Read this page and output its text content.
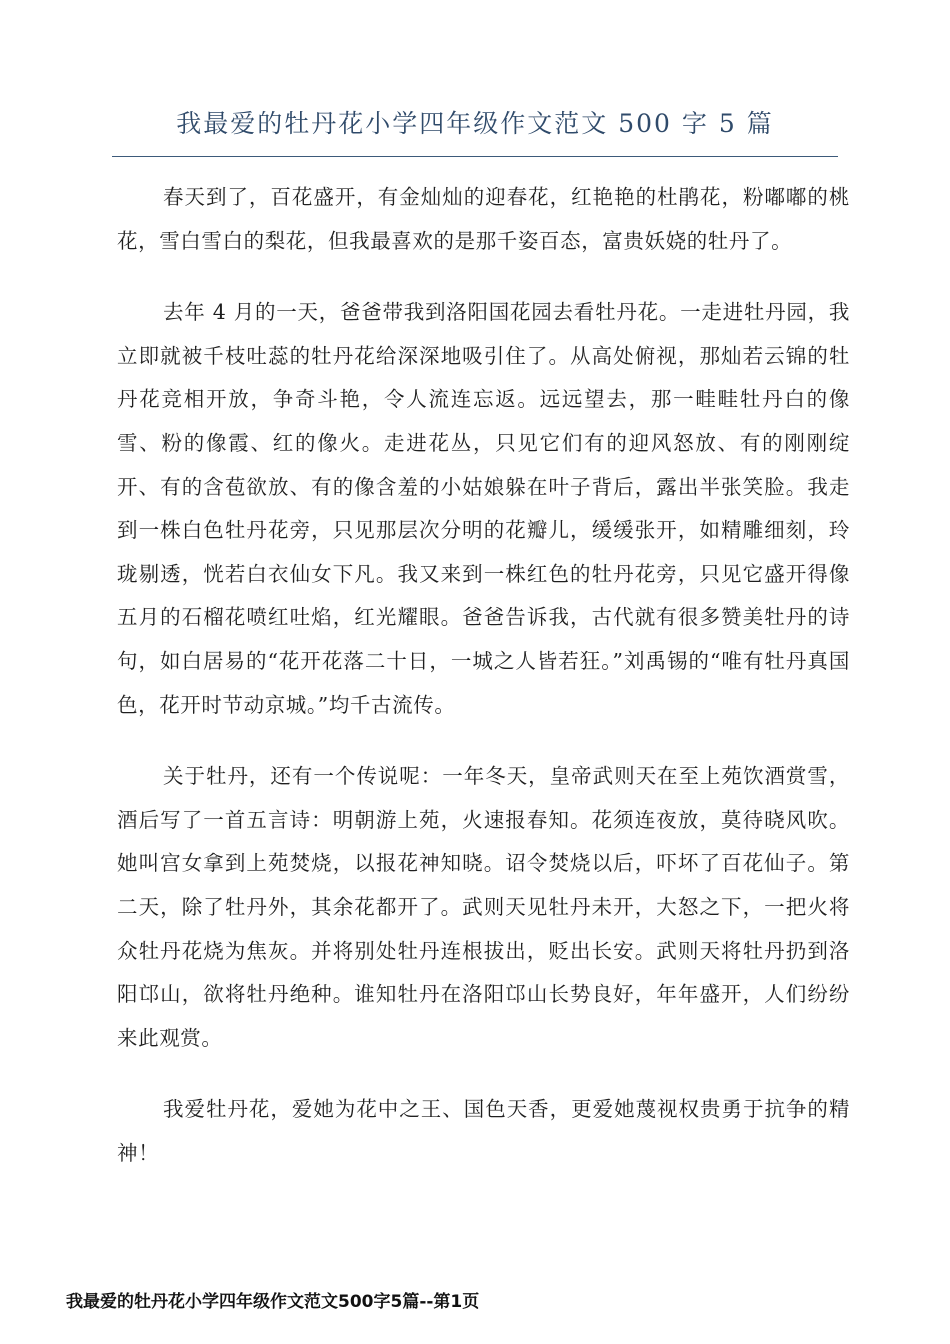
我最爱的牡丹花小学四年级作文范文 500 字 5 篇

春天到了，百花盛开，有金灿灿的迎春花，红艳艳的杜鹃花，粉嘟嘟的桃花，雪白雪白的梨花，但我最喜欢的是那千姿百态，富贵妖娆的牡丹了。

去年 4 月的一天，爸爸带我到洛阳国花园去看牡丹花。一走进牡丹园，我立即就被千枝吐蕊的牡丹花给深深地吸引住了。从高处俯视，那灿若云锦的牡丹花竞相开放，争奇斗艳，令人流连忘返。远远望去，那一畦畦牡丹白的像雪、粉的像霞、红的像火。走进花丛，只见它们有的迎风怒放、有的刚刚绽开、有的含苞欲放、有的像含羞的小姑娘躲在叶子背后，露出半张笑脸。我走到一株白色牡丹花旁，只见那层次分明的花瓣儿，缓缓张开，如精雕细刻，玲珑剔透，恍若白衣仙女下凡。我又来到一株红色的牡丹花旁，只见它盛开得像五月的石榴花喷红吐焰，红光耀眼。爸爸告诉我，古代就有很多赞美牡丹的诗句，如白居易的“花开花落二十日，一城之人皆若狂。”刘禹锡的“唯有牡丹真国色，花开时节动京城。”均千古流传。

关于牡丹，还有一个传说呢：一年冬天，皇帝武则天在至上苑饮酒赏雪，酒后写了一首五言诗：明朝游上苑，火速报春知。花须连夜放，莫待晓风吹。她叫宫女拿到上苑焚烧，以报花神知晓。诏令焚烧以后，吓坏了百花仙子。第二天，除了牡丹外，其余花都开了。武则天见牡丹未开，大怒之下，一把火将众牡丹花烧为焦灰。并将别处牡丹连根拔出，贬出长安。武则天将牡丹扔到洛阳邙山，欲将牡丹绝种。谁知牡丹在洛阳邙山长势良好，年年盛开，人们纷纷来此观赏。

我爱牡丹花，爱她为花中之王、国色天香，更爱她蔑视权贵勇于抗争的精神！

我最爱的牡丹花小学四年级作文范文500字5篇--第1页
